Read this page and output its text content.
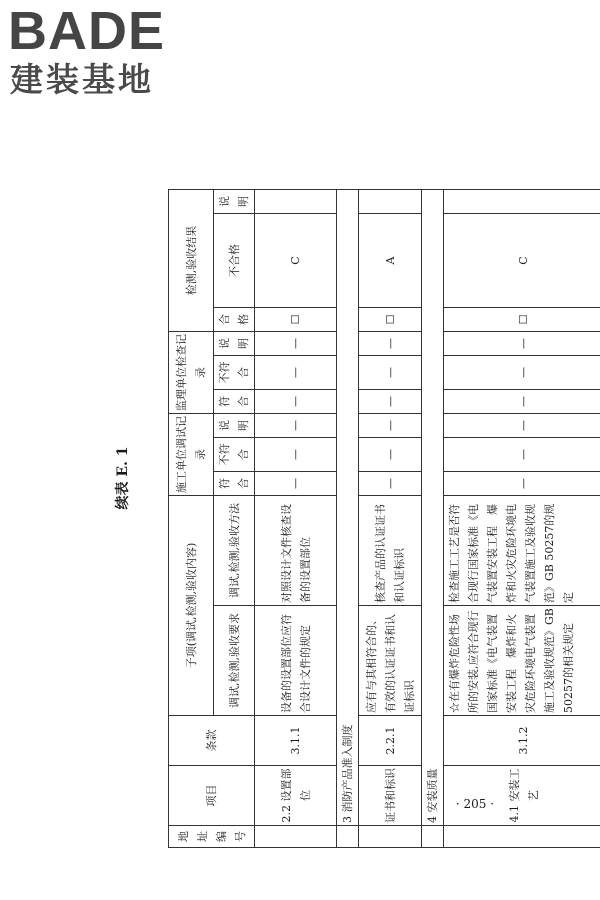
BADE
建装基地
续表 E. 1
地址编号	项目	条款	子项(调试,检测,验收内容)		施工单位调试记录			监理单位检查记录			检测,验收结果		
			调试,检测,验收要求	调试,检测,验收方法	符合	不符合	说明	符合	不符合	说明	合格	不合格	说明
	2.2 设置部位	3.1.1	设备的设置部位应符合设计文件的规定	对照设计文件核查设备的设置部位	—	—	—	—	—	—	☐	C	
	3 消防产品准入制度												
	证书和标识	2.2.1	应有与其相符合的、有效的认证证书和认证标识	核查产品的认证证书和认证标识	—	—	—	—	—	—	☐	A	
	4 安装质量												
	4.1 安装工艺	3.1.2	☆在有爆炸危险性场所的安装,应符合现行国家标准《电气装置安装工程　爆炸和火灾危险环境电气装置施工及验收规范》GB 50257的相关规定	检查施工工艺是否符合现行国家标准《电气装置安装工程　爆炸和火灾危险环境电气装置施工及验收规范》GB 50257的规定	—	—	—	—	—	—	☐	C	
· 205 ·
